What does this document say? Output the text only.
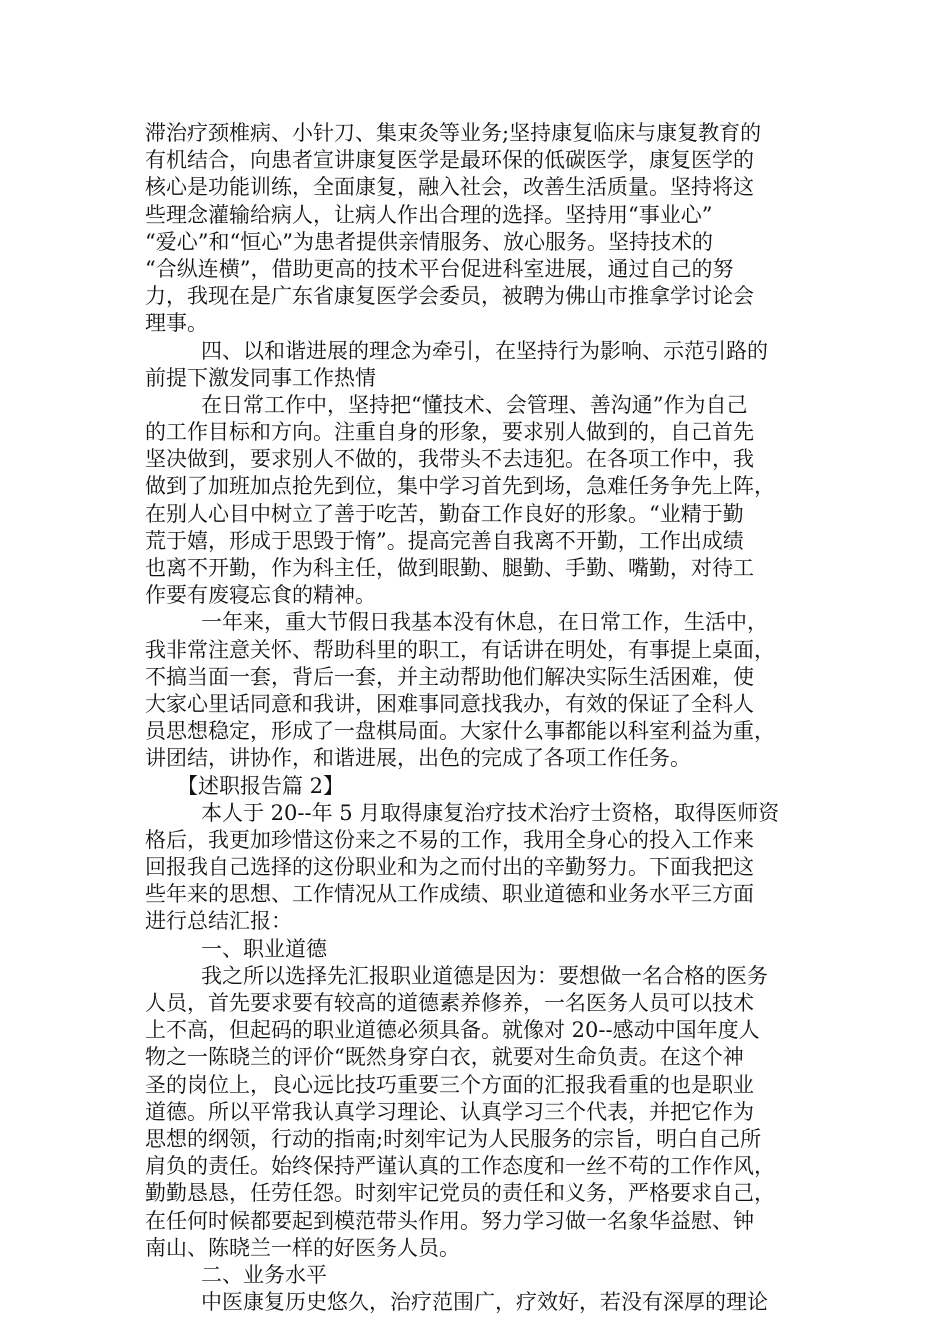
滞治疗颈椎病、小针刀、集束灸等业务;坚持康复临床与康复教育的
有机结合，向患者宣讲康复医学是最环保的低碳医学，康复医学的
核心是功能训练，全面康复，融入社会，改善生活质量。坚持将这
些理念灌输给病人，让病人作出合理的选择。坚持用“事业心”
“爱心”和“恒心”为患者提供亲情服务、放心服务。坚持技术的
“合纵连横”，借助更高的技术平台促进科室进展，通过自己的努
力，我现在是广东省康复医学会委员，被聘为佛山市推拿学讨论会
理事。
四、以和谐进展的理念为牵引，在坚持行为影响、示范引路的
前提下激发同事工作热情
在日常工作中，坚持把“懂技术、会管理、善沟通”作为自己
的工作目标和方向。注重自身的形象，要求别人做到的，自己首先
坚决做到，要求别人不做的，我带头不去违犯。在各项工作中，我
做到了加班加点抢先到位，集中学习首先到场，急难任务争先上阵，
在别人心目中树立了善于吃苦，勤奋工作良好的形象。“业精于勤
荒于嬉，形成于思毁于惰”。提高完善自我离不开勤，工作出成绩
也离不开勤，作为科主任，做到眼勤、腿勤、手勤、嘴勤，对待工
作要有废寝忘食的精神。
一年来，重大节假日我基本没有休息，在日常工作，生活中，
我非常注意关怀、帮助科里的职工，有话讲在明处，有事提上桌面，
不搞当面一套，背后一套，并主动帮助他们解决实际生活困难，使
大家心里话同意和我讲，困难事同意找我办，有效的保证了全科人
员思想稳定，形成了一盘棋局面。大家什么事都能以科室利益为重，
讲团结，讲协作，和谐进展，出色的完成了各项工作任务。
【述职报告篇 2】
本人于 20--年 5 月取得康复治疗技术治疗士资格，取得医师资
格后，我更加珍惜这份来之不易的工作，我用全身心的投入工作来
回报我自己选择的这份职业和为之而付出的辛勤努力。下面我把这
些年来的思想、工作情况从工作成绩、职业道德和业务水平三方面
进行总结汇报：
一、职业道德
我之所以选择先汇报职业道德是因为：要想做一名合格的医务
人员，首先要求要有较高的道德素养修养，一名医务人员可以技术
上不高，但起码的职业道德必须具备。就像对 20--感动中国年度人
物之一陈晓兰的评价“既然身穿白衣，就要对生命负责。在这个神
圣的岗位上，良心远比技巧重要三个方面的汇报我看重的也是职业
道德。所以平常我认真学习理论、认真学习三个代表，并把它作为
思想的纲领，行动的指南;时刻牢记为人民服务的宗旨，明白自己所
肩负的责任。始终保持严谨认真的工作态度和一丝不苟的工作作风，
勤勤恳恳，任劳任怨。时刻牢记党员的责任和义务，严格要求自己，
在任何时候都要起到模范带头作用。努力学习做一名象华益慰、钟
南山、陈晓兰一样的好医务人员。
二、业务水平
中医康复历史悠久，治疗范围广，疗效好，若没有深厚的理论
